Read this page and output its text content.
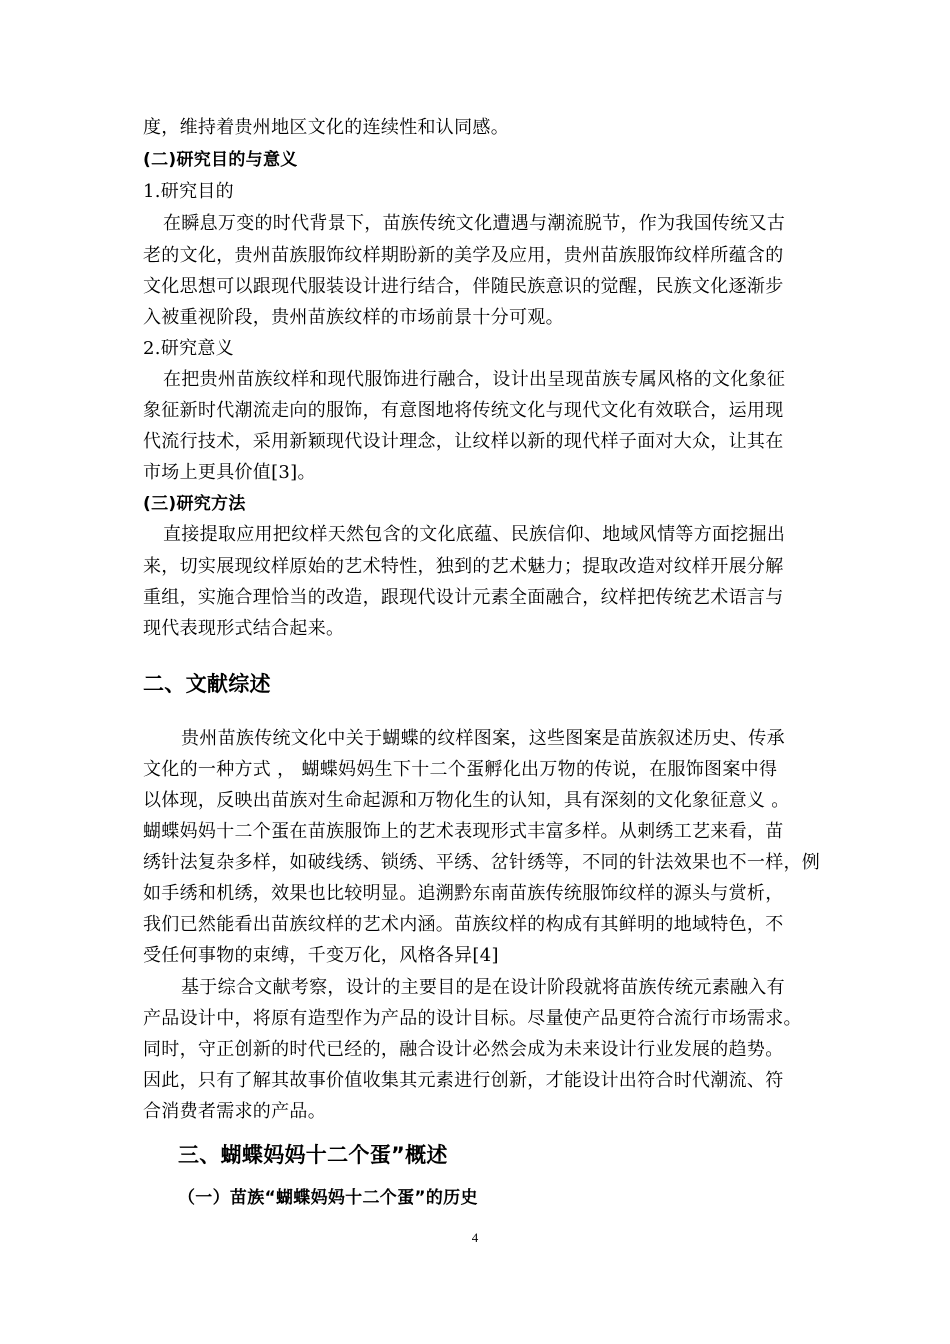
度，维持着贵州地区文化的连续性和认同感。
(二)研究目的与意义
1.研究目的
在瞬息万变的时代背景下，苗族传统文化遭遇与潮流脱节，作为我国传统又古
老的文化，贵州苗族服饰纹样期盼新的美学及应用，贵州苗族服饰纹样所蕴含的
文化思想可以跟现代服装设计进行结合，伴随民族意识的觉醒，民族文化逐渐步
入被重视阶段，贵州苗族纹样的市场前景十分可观。
2.研究意义
在把贵州苗族纹样和现代服饰进行融合，设计出呈现苗族专属风格的文化象征
象征新时代潮流走向的服饰，有意图地将传统文化与现代文化有效联合，运用现
代流行技术，采用新颖现代设计理念，让纹样以新的现代样子面对大众，让其在
市场上更具价值[3]。
(三)研究方法
直接提取应用把纹样天然包含的文化底蕴、民族信仰、地域风情等方面挖掘出
来，切实展现纹样原始的艺术特性，独到的艺术魅力；提取改造对纹样开展分解
重组，实施合理恰当的改造，跟现代设计元素全面融合，纹样把传统艺术语言与
现代表现形式结合起来。
二、文献综述
贵州苗族传统文化中关于蝴蝶的纹样图案，这些图案是苗族叙述历史、传承
文化的一种方式 ， 蝴蝶妈妈生下十二个蛋孵化出万物的传说，在服饰图案中得
以体现，反映出苗族对生命起源和万物化生的认知，具有深刻的文化象征意义 。
蝴蝶妈妈十二个蛋在苗族服饰上的艺术表现形式丰富多样。从刺绣工艺来看，苗
绣针法复杂多样，如破线绣、锁绣、平绣、岔针绣等，不同的针法效果也不一样，例
如手绣和机绣，效果也比较明显。追溯黔东南苗族传统服饰纹样的源头与赏析，
我们已然能看出苗族纹样的艺术内涵。苗族纹样的构成有其鲜明的地域特色，不
受任何事物的束缚，千变万化，风格各异[4]
基于综合文献考察，设计的主要目的是在设计阶段就将苗族传统元素融入有
产品设计中，将原有造型作为产品的设计目标。尽量使产品更符合流行市场需求。
同时，守正创新的时代已经的，融合设计必然会成为未来设计行业发展的趋势。
因此，只有了解其故事价值收集其元素进行创新，才能设计出符合时代潮流、符
合消费者需求的产品。
三、蝴蝶妈妈十二个蛋”概述
（一）苗族“蝴蝶妈妈十二个蛋”的历史
4
